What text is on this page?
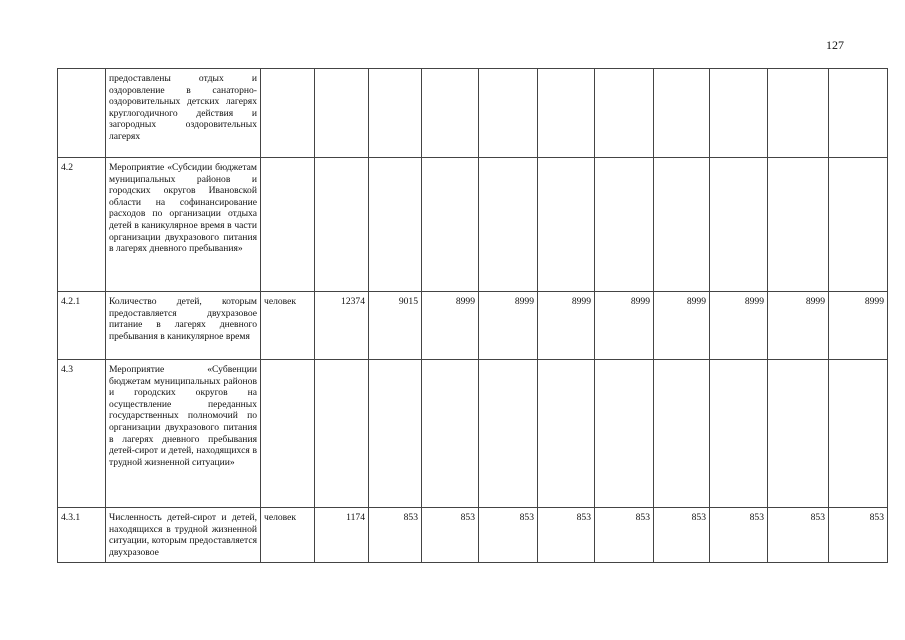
127
	предоставлены отдых и оздоровление в санаторно-оздоровительных детских лагерях круглогодичного действия и загородных оздоровительных лагерях												
4.2	Мероприятие «Субсидии бюджетам муниципальных районов и городских округов Ивановской области на софинансирование расходов по организации отдыха детей в каникулярное время в части организации двухразового питания в лагерях дневного пребывания»												
4.2.1	Количество детей, которым предоставляется двухразовое питание в лагерях дневного пребывания в каникулярное время	человек	12374	9015	8999	8999	8999	8999	8999	8999	8999	8999	
4.3	Мероприятие «Субвенции бюджетам муниципальных районов и городских округов на осуществление переданных государственных полномочий по организации двухразового питания в лагерях дневного пребывания детей-сирот и детей, находящихся в трудной жизненной ситуации»												
4.3.1	Численность детей-сирот и детей, находящихся в трудной жизненной ситуации, которым предоставляется двухразовое	человек	1174	853	853	853	853	853	853	853	853	853	
